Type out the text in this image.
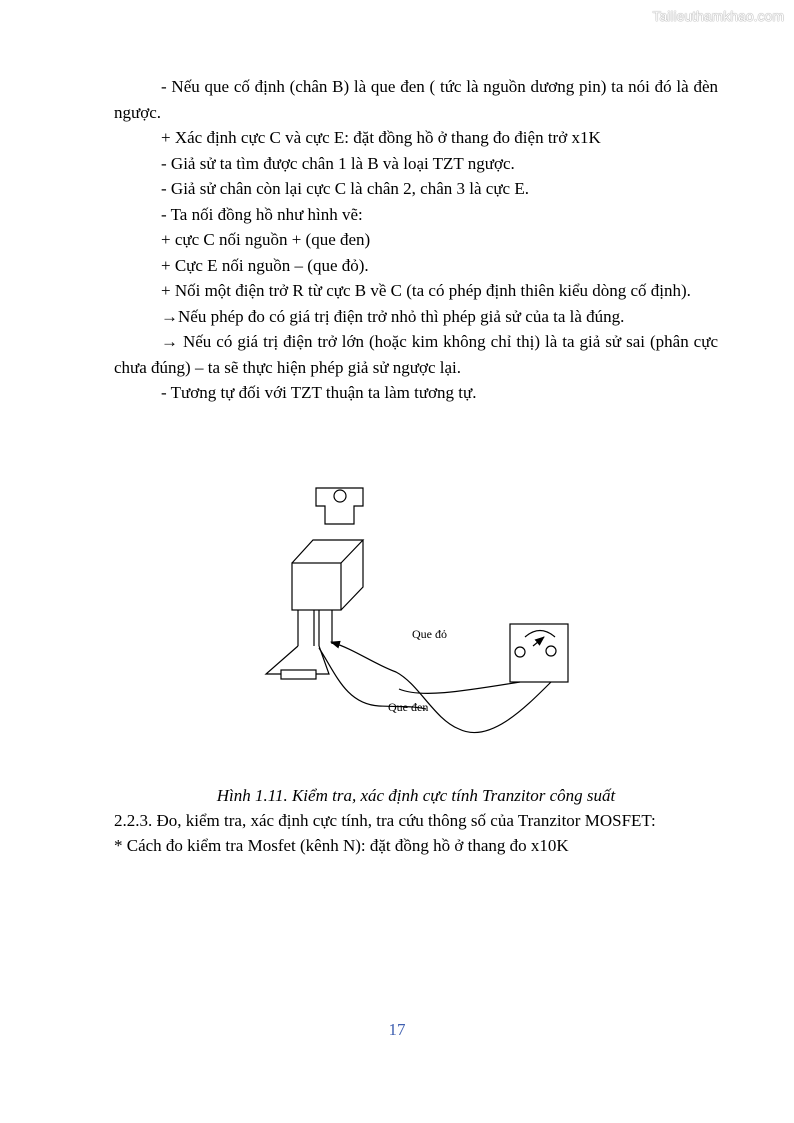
Tailieuthamkhao.com

- Nếu que cố định (chân B) là que đen ( tức là nguồn dương pin) ta nói đó là đèn ngược.

+ Xác định cực C và cực E: đặt đồng hồ ở thang đo điện trở x1K

- Giả sử ta tìm được chân 1 là B và loại TZT ngược.

- Giả sử chân còn lại cực C là chân 2, chân 3 là cực E.

- Ta nối đồng hồ như hình vẽ:

+ cực C nối nguồn + (que đen)

+ Cực E nối nguồn – (que đỏ).

+ Nối một điện trở R từ cực B về C (ta có phép định thiên kiểu dòng cố định).

→Nếu phép đo có giá trị điện trở nhỏ thì phép giả sử của ta là đúng.

→ Nếu có giá trị điện trở lớn (hoặc kim không chỉ thị) là ta giả sử sai (phân cực chưa đúng) – ta sẽ thực hiện phép giả sử ngược lại.

- Tương tự đối với TZT thuận ta làm tương tự.

Que đỏ
Que đen
Hình 1.11. Kiểm tra, xác định cực tính Tranzitor công suất

2.2.3. Đo, kiểm tra, xác định cực tính, tra cứu thông số của Tranzitor MOSFET:

* Cách đo kiểm tra Mosfet (kênh N): đặt đồng hồ ở thang đo x10K

17
